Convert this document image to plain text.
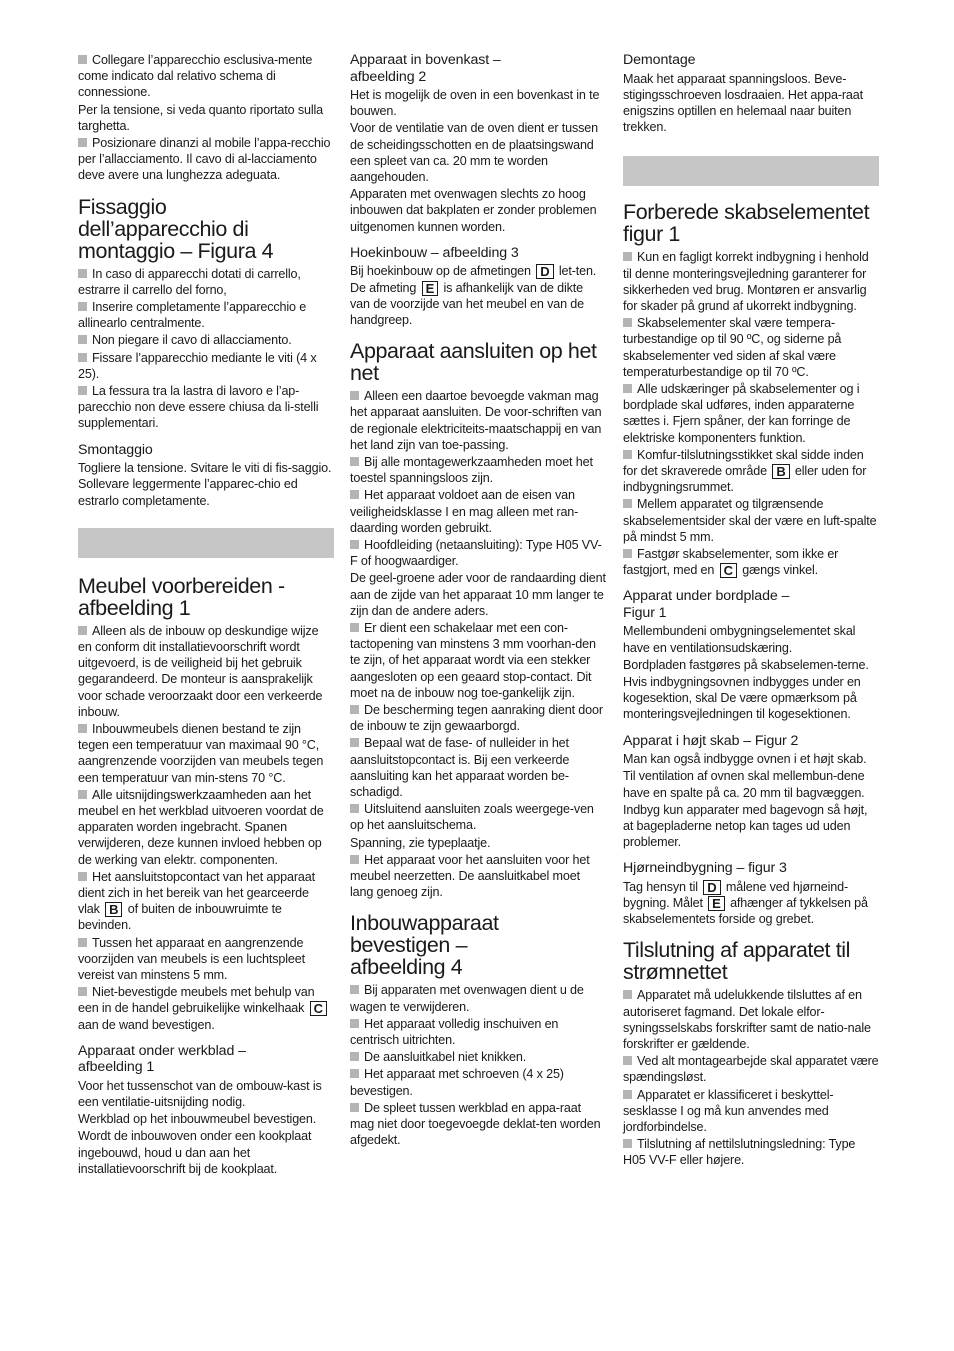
Collegare l’apparecchio esclusiva-mente come indicato dal relativo schema di connessione.

Per la tensione, si veda quanto riportato sulla targhetta.

Posizionare dinanzi al mobile l’appa-recchio per l’allacciamento. Il cavo di al-lacciamento deve avere una lunghezza adeguata.

Fissaggio dell’apparecchio di montaggio – Figura 4

In caso di apparecchi dotati di carrello, estrarre il carrello del forno,

Inserire completamente l’apparecchio e allinearlo centralmente.

Non piegare il cavo di allacciamento.

Fissare l’apparecchio mediante le viti (4 x 25).

La fessura tra la lastra di lavoro e l’ap-parecchio non deve essere chiusa da li-stelli supplementari.

Smontaggio

Togliere la tensione. Svitare le viti di fis-saggio. Sollevare leggermente l’apparec-chio ed estrarlo completamente.

Meubel voorbereiden - afbeelding 1

Alleen als de inbouw op deskundige wijze en conform dit installatievoorschrift wordt uitgevoerd, is de veiligheid bij het gebruik gegarandeerd. De monteur is aansprakelijk voor schade veroorzaakt door een verkeerde inbouw.

Inbouwmeubels dienen bestand te zijn tegen een temperatuur van maximaal 90 °C, aangrenzende voorzijden van meubels tegen een temperatuur van min-stens 70 °C.

Alle uitsnijdingswerkzaamheden aan het meubel en het werkblad uitvoeren voordat de apparaten worden ingebracht. Spanen verwijderen, deze kunnen invloed hebben op de werking van elektr. componenten.

Het aansluitstopcontact van het apparaat dient zich in het bereik van het gearceerde vlak B of buiten de inbouwruimte te bevinden.

Tussen het apparaat en aangrenzende voorzijden van meubels is een luchtspleet vereist van minstens 5 mm.

Niet-bevestigde meubels met behulp van een in de handel gebruikelijke winkelhaak C aan de wand bevestigen.

Apparaat onder werkblad – afbeelding 1

Voor het tussenschot van de ombouw-kast is een ventilatie-uitsnijding nodig.

Werkblad op het inbouwmeubel bevestigen.

Wordt de inbouwoven onder een kookplaat ingebouwd, houd u dan aan het installatievoorschrift bij de kookplaat.

Apparaat in bovenkast – afbeelding 2

Het is mogelijk de oven in een bovenkast in te bouwen.

Voor de ventilatie van de oven dient er tussen de scheidingsschotten en de plaatsingswand een spleet van ca. 20 mm te worden aangehouden.

Apparaten met ovenwagen slechts zo hoog inbouwen dat bakplaten er zonder problemen uitgenomen kunnen worden.

Hoekinbouw – afbeelding 3

Bij hoekinbouw op de afmetingen D let-ten. De afmeting E is afhankelijk van de dikte van de voorzijde van het meubel en van de handgreep.

Apparaat aansluiten op het net

Alleen een daartoe bevoegde vakman mag het apparaat aansluiten. De voor-schriften van de regionale elektriciteits-maatschappij en van het land zijn van toe-passing.

Bij alle montagewerkzaamheden moet het toestel spanningsloos zijn.

Het apparaat voldoet aan de eisen van veiligheidsklasse I en mag alleen met ran-daarding worden gebruikt.

Hoofdleiding (netaansluiting): Type H05 VV-F of hoogwaardiger.

De geel-groene ader voor de randaarding dient aan de zijde van het apparaat 10 mm langer te zijn dan de andere aders.

Er dient een schakelaar met een con-tactopening van minstens 3 mm voorhan-den te zijn, of het apparaat wordt via een stekker aangesloten op een geaard stop-contact. Dit moet na de inbouw nog toe-gankelijk zijn.

De bescherming tegen aanraking dient door de inbouw te zijn gewaarborgd.

Bepaal wat de fase- of nulleider in het aansluitstopcontact is. Bij een verkeerde aansluiting kan het apparaat worden be-schadigd.

Uitsluitend aansluiten zoals weergege-ven op het aansluitschema.

Spanning, zie typeplaatje.

Het apparaat voor het aansluiten voor het meubel neerzetten. De aansluitkabel moet lang genoeg zijn.

Inbouwapparaat bevestigen – afbeelding 4

Bij apparaten met ovenwagen dient u de wagen te verwijderen.

Het apparaat volledig inschuiven en centrisch uitrichten.

De aansluitkabel niet knikken.

Het apparaat met schroeven (4 x 25) bevestigen.

De spleet tussen werkblad en appa-raat mag niet door toegevoegde deklat-ten worden afgedekt.

Demontage

Maak het apparaat spanningsloos. Beve-stigingsschroeven losdraaien. Het appa-raat enigszins optillen en helemaal naar buiten trekken.

Forberede skabselementet figur 1

Kun en fagligt korrekt indbygning i henhold til denne monteringsvejledning garanterer for sikkerheden ved brug. Montøren er ansvarlig for skader på grund af ukorrekt indbygning.

Skabselementer skal være tempera-turbestandige op til 90 ºC, og siderne på skabselementer ved siden af skal være temperaturbestandige op til 70 ºC.

Alle udskæringer på skabselementer og i bordplade skal udføres, inden apparaterne sættes i. Fjern spåner, der kan forringe de elektriske komponenters funktion.

Komfur-tilslutningsstikket skal sidde inden for det skraverede område B eller uden for indbygningsrummet.

Mellem apparatet og tilgrænsende skabselementsider skal der være en luft-spalte på mindst 5 mm.

Fastgør skabselementer, som ikke er fastgjort, med en C gængs vinkel.

Apparat under bordplade – Figur 1

Mellembundeni ombygningselementet skal have en ventilationsudskæring.

Bordpladen fastgøres på skabselemen-terne.

Hvis indbygningsovnen indbygges under en kogesektion, skal De være opmærksom på monteringsvejledningen til kogesektionen.

Apparat i højt skab – Figur 2

Man kan også indbygge ovnen i et højt skab.

Til ventilation af ovnen skal mellembun-dene have en spalte på ca. 20 mm til bagvæggen.

Indbyg kun apparater med bagevogn så højt, at bagepladerne netop kan tages ud uden problemer.

Hjørneindbygning – figur 3

Tag hensyn til D målene ved hjørneind-bygning. Målet E afhænger af tykkelsen på skabselementets forside og grebet.

Tilslutning af apparatet til strømnettet

Apparatet må udelukkende tilsluttes af en autoriseret fagmand. Det lokale elfor-syningsselskabs forskrifter samt de natio-nale forskrifter er gældende.

Ved alt montagearbejde skal apparatet være spændingsløst.

Apparatet er klassificeret i beskyttel-sesklasse I og må kun anvendes med jordforbindelse.

Tilslutning af nettilslutningsledning: Type H05 VV-F eller højere.
